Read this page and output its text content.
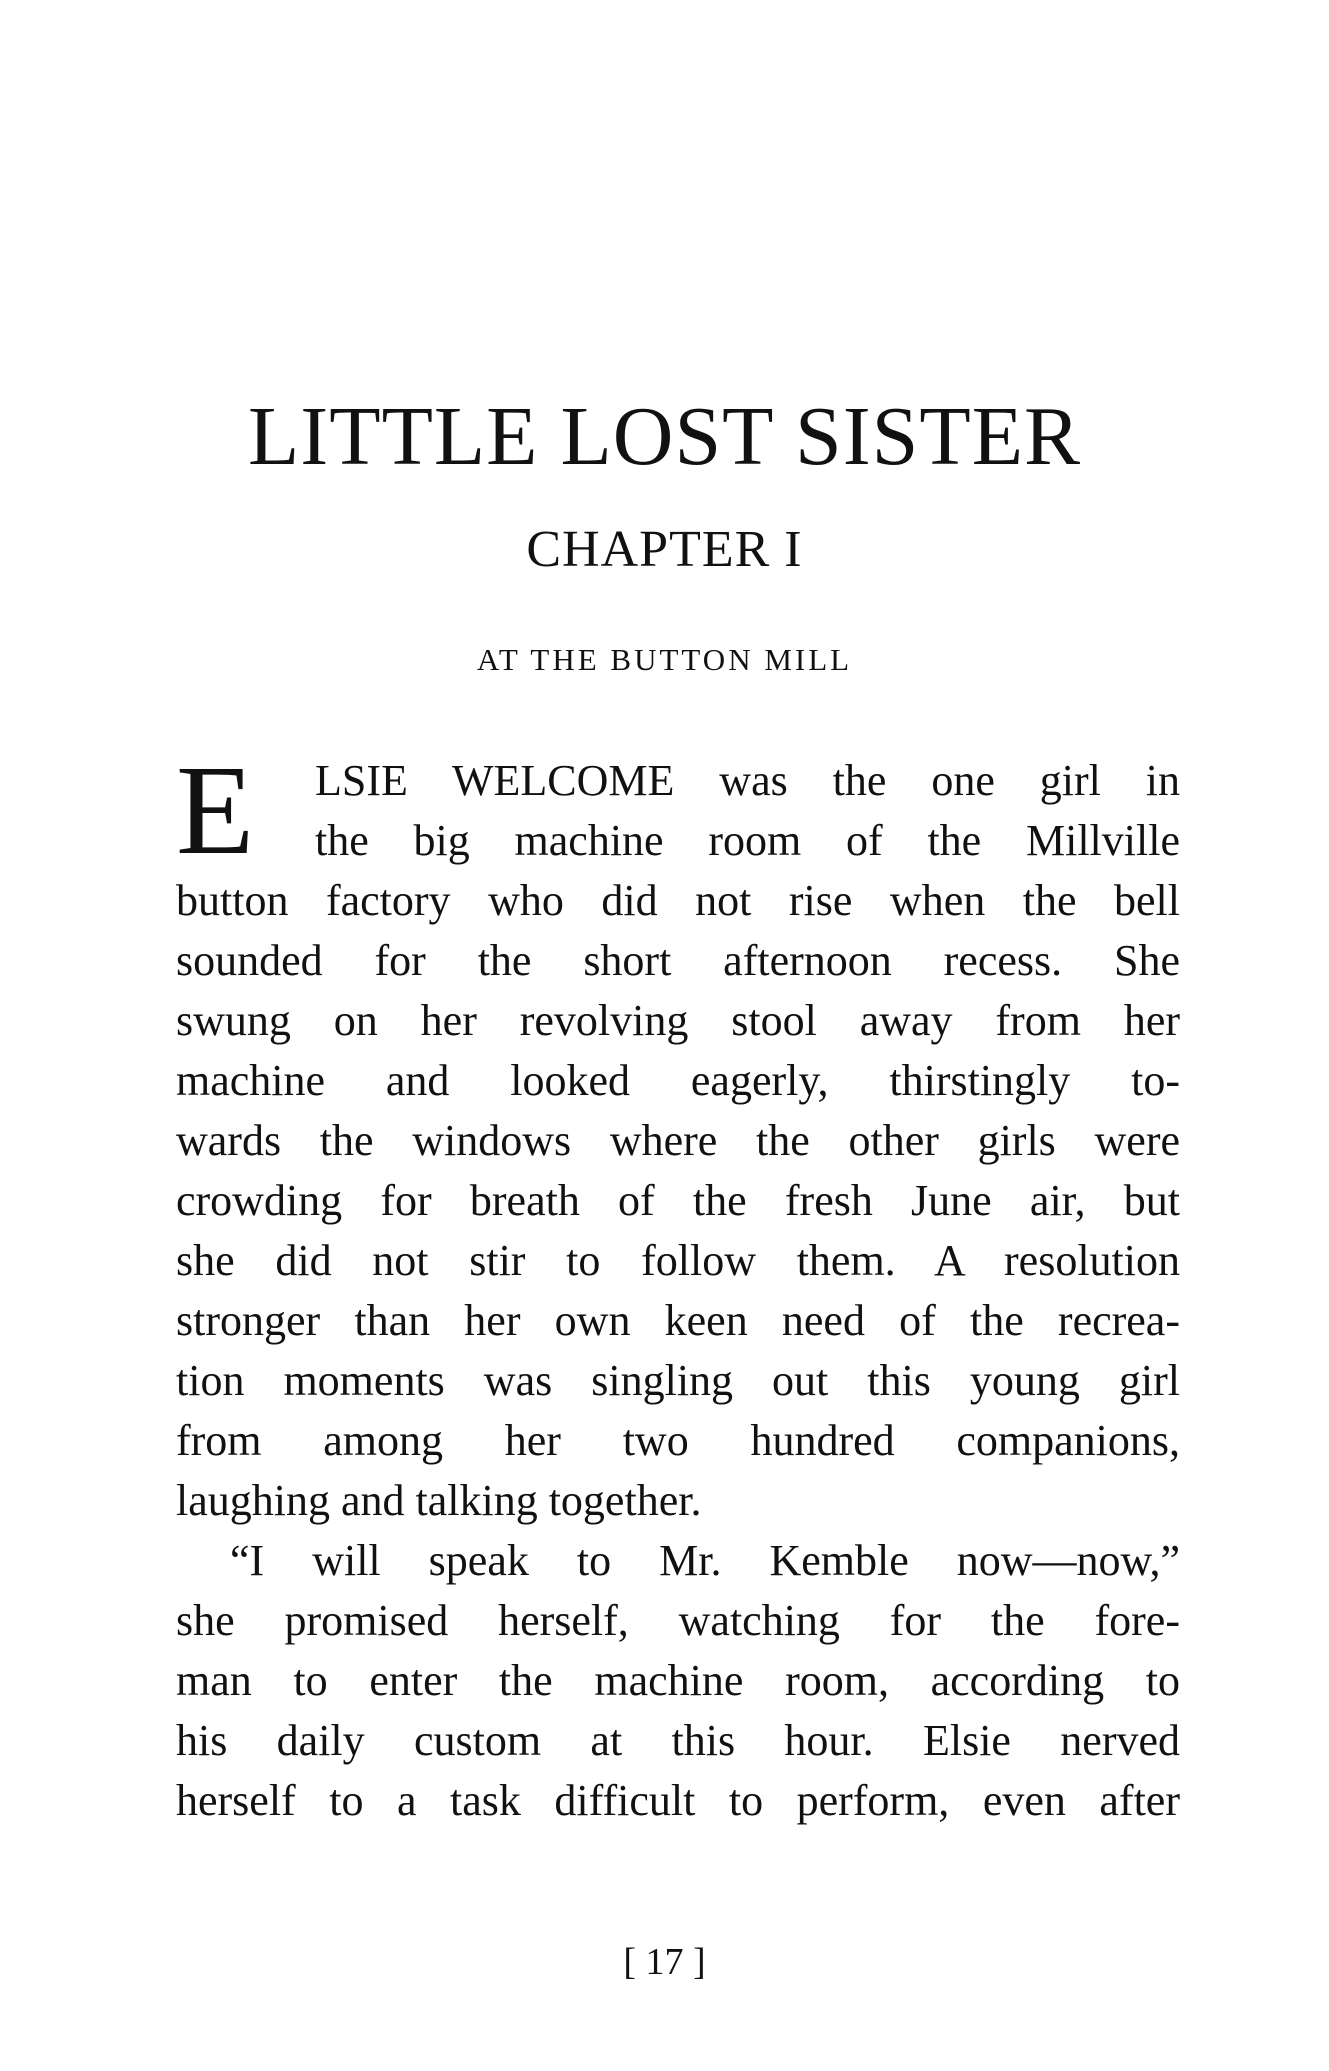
LITTLE LOST SISTER
CHAPTER I
AT THE BUTTON MILL
E	LSIE WELCOME was the one girl in
the big machine room of the Millville
button factory who did not rise when the bell
sounded for the short afternoon recess. She
swung on her revolving stool away from her
machine and looked eagerly, thirstingly to-
wards the windows where the other girls were
crowding for breath of the fresh June air, but
she did not stir to follow them. A resolution
stronger than her own keen need of the recrea-
tion moments was singling out this young girl
from among her two hundred companions,
laughing and talking together.
“I will speak to Mr. Kemble now—now,”
she promised herself, watching for the fore-
man to enter the machine room, according to
his daily custom at this hour. Elsie nerved
herself to a task difficult to perform, even after
[ 17 ]
